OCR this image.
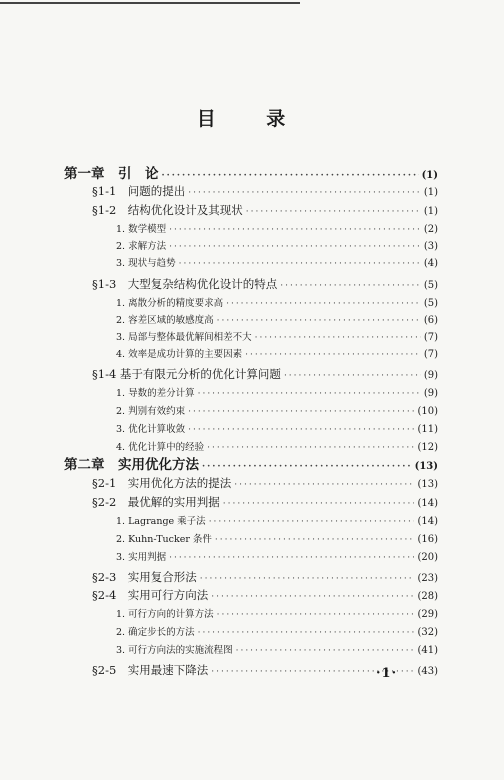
目 录
第一章　引　论 ·····	(1)
§1-1　问题的提出 ·····	(1)
§1-2　结构优化设计及其现状 ·····	(1)
1. 数学模型 ·····	(2)
2. 求解方法 ·····	(3)
3. 现状与趋势 ·····	(4)
§1-3　大型复杂结构优化设计的特点 ·····	(5)
1. 离散分析的精度要求高 ·····	(5)
2. 容差区域的敏感度高 ·····	(6)
3. 局部与整体最优解间相差不大 ·····	(7)
4. 效率是成功计算的主要因素 ·····	(7)
§1-4 基于有限元分析的优化计算问题 ·····	(9)
1. 导数的差分计算 ·····	(9)
2. 判别有效约束 ·····	(10)
3. 优化计算收敛 ·····	(11)
4. 优化计算中的经验 ·····	(12)
第二章　实用优化方法 ·····	(13)
§2-1　实用优化方法的提法 ·····	(13)
§2-2　最优解的实用判据 ·····	(14)
1. Lagrange 乘子法 ·····	(14)
2. Kuhn-Tucker 条件 ·····	(16)
3. 实用判据 ·····	(20)
§2-3　实用复合形法 ·····	(23)
§2-4　实用可行方向法 ·····	(28)
1. 可行方向的计算方法 ·····	(29)
2. 确定步长的方法 ·····	(32)
3. 可行方向法的实施流程图 ·····	(41)
§2-5　实用最速下降法 ·····	(43)
·1·
